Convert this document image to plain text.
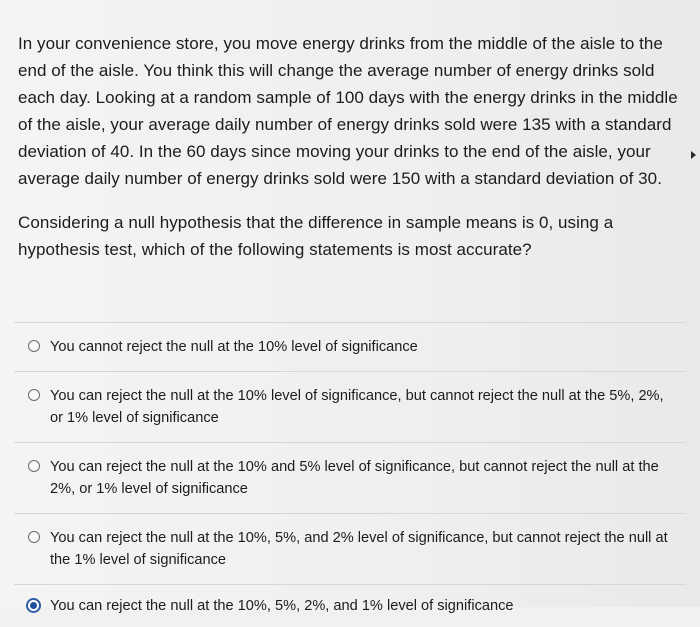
In your convenience store, you move energy drinks from the middle of the aisle to the end of the aisle. You think this will change the average number of energy drinks sold each day. Looking at a random sample of 100 days with the energy drinks in the middle of the aisle, your average daily number of energy drinks sold were 135 with a standard deviation of 40. In the 60 days since moving your drinks to the end of the aisle, your average daily number of energy drinks sold were 150 with a standard deviation of 30.

Considering a null hypothesis that the difference in sample means is 0, using a hypothesis test, which of the following statements is most accurate?

You cannot reject the null at the 10% level of significance
You can reject the null at the 10% level of significance, but cannot reject the null at the 5%, 2%, or 1% level of significance
You can reject the null at the 10% and 5% level of significance, but cannot reject the null at the 2%, or 1% level of significance
You can reject the null at the 10%, 5%, and 2% level of significance, but cannot reject the null at the 1% level of significance
You can reject the null at the 10%, 5%, 2%, and 1% level of significance
